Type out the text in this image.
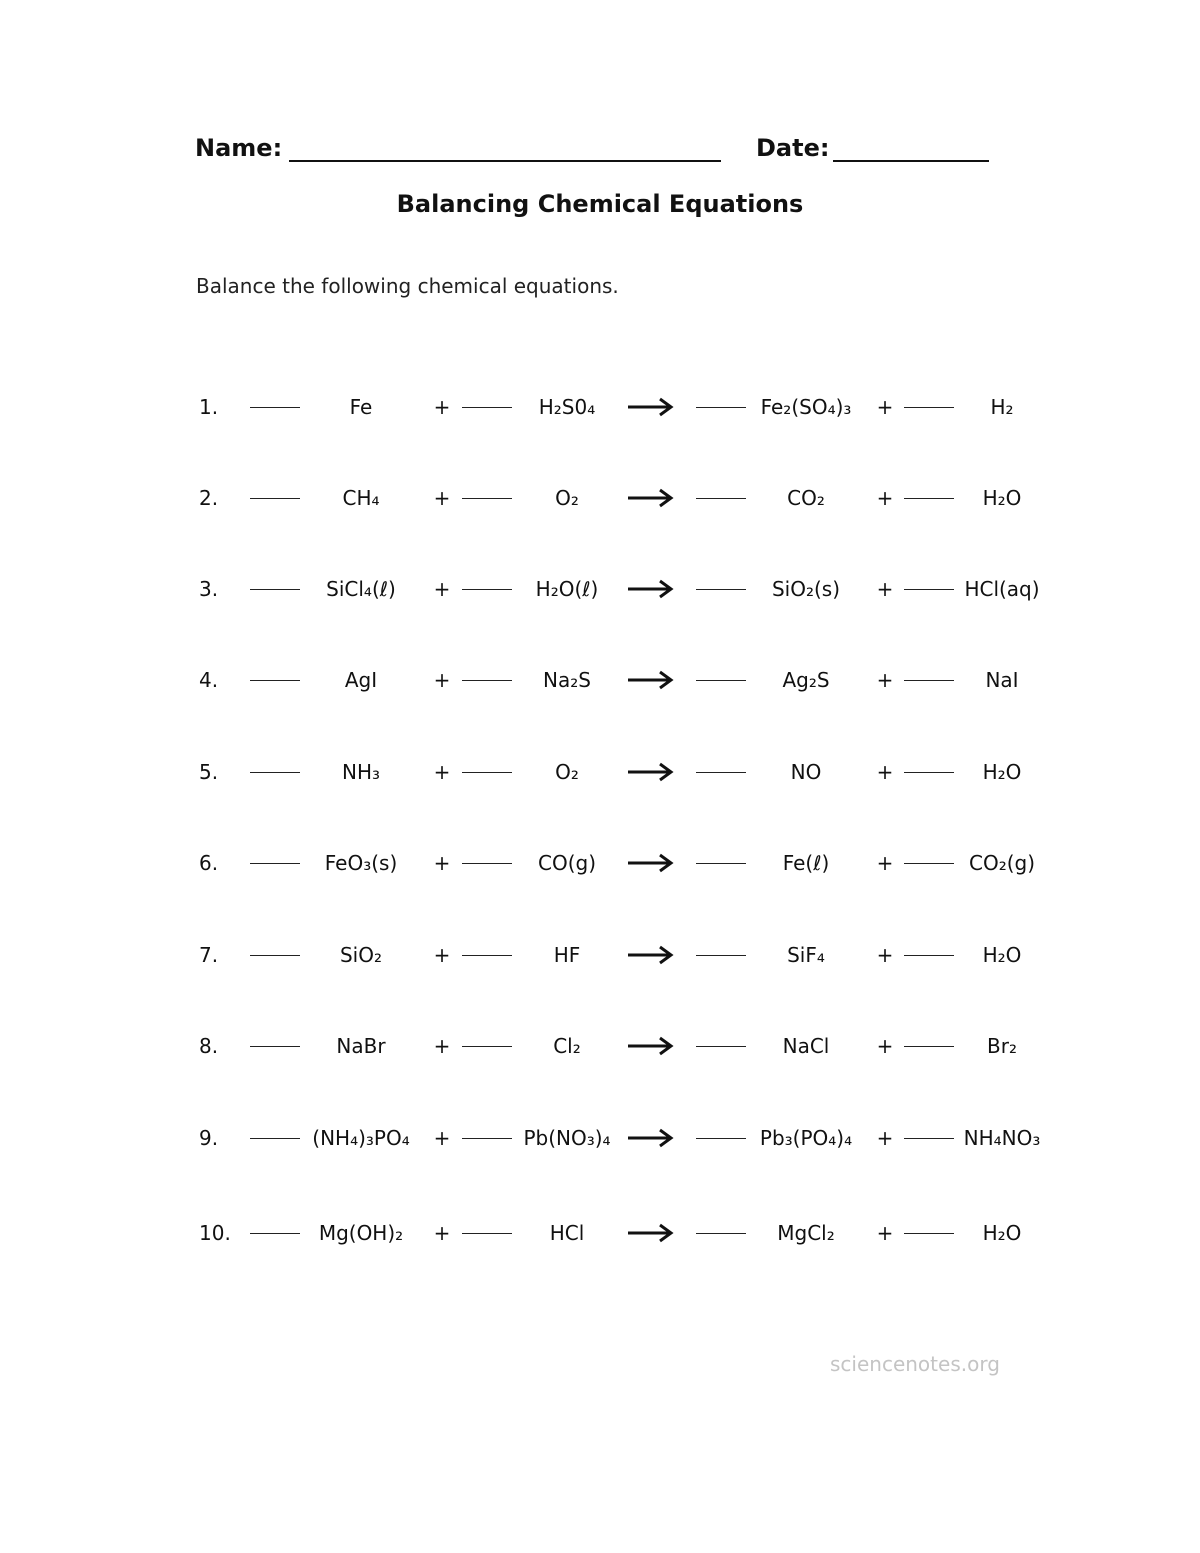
Name:	Date:
Balancing Chemical Equations
Balance the following chemical equations.
1.	Fe	+	H₂S0₄	Fe₂(SO₄)₃	+	H₂
2.	CH₄	+	O₂	CO₂	+	H₂O
3.	SiCl₄(ℓ)	+	H₂O(ℓ)	SiO₂(s)	+	HCl(aq)
4.	AgI	+	Na₂S	Ag₂S	+	NaI
5.	NH₃	+	O₂	NO	+	H₂O
6.	FeO₃(s)	+	CO(g)	Fe(ℓ)	+	CO₂(g)
7.	SiO₂	+	HF	SiF₄	+	H₂O
8.	NaBr	+	Cl₂	NaCl	+	Br₂
9.	(NH₄)₃PO₄	+	Pb(NO₃)₄	Pb₃(PO₄)₄	+	NH₄NO₃
10.	Mg(OH)₂	+	HCl	MgCl₂	+	H₂O
sciencenotes.org
